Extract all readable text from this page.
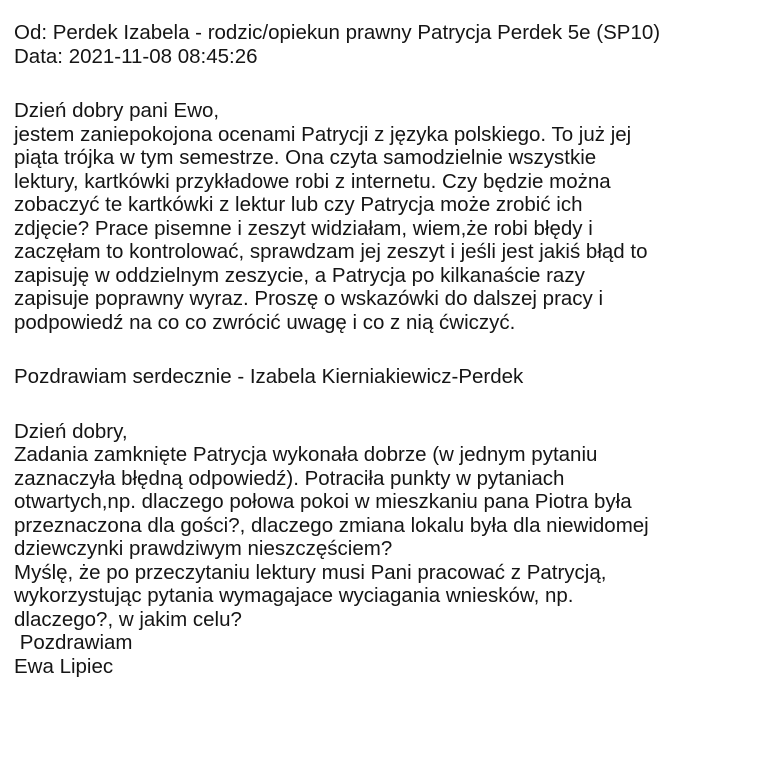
Od: Perdek Izabela - rodzic/opiekun prawny Patrycja Perdek 5e (SP10)
Data: 2021-11-08 08:45:26
Dzień dobry pani Ewo,
jestem zaniepokojona ocenami Patrycji z języka polskiego. To już jej
piąta trójka w tym semestrze. Ona czyta samodzielnie wszystkie
lektury, kartkówki przykładowe robi z internetu. Czy będzie można
zobaczyć te kartkówki z lektur lub czy Patrycja może zrobić ich
zdjęcie? Prace pisemne i zeszyt widziałam, wiem,że robi błędy i
zaczęłam to kontrolować, sprawdzam jej zeszyt i jeśli jest jakiś błąd to
zapisuję w oddzielnym zeszycie, a Patrycja po kilkanaście razy
zapisuje poprawny wyraz. Proszę o wskazówki do dalszej pracy i
podpowiedź na co co zwrócić uwagę i co z nią ćwiczyć.
Pozdrawiam serdecznie - Izabela Kierniakiewicz-Perdek
Dzień dobry,
Zadania zamknięte Patrycja wykonała dobrze (w jednym pytaniu
zaznaczyła błędną odpowiedź). Potraciła punkty w pytaniach
otwartych,np. dlaczego połowa pokoi w mieszkaniu pana Piotra była
przeznaczona dla gości?, dlaczego zmiana lokalu była dla niewidomej
dziewczynki prawdziwym nieszczęściem?
Myślę, że po przeczytaniu lektury musi Pani pracować z Patrycją,
wykorzystując pytania wymagajace wyciagania wniesków, np.
dlaczego?, w jakim celu?
Pozdrawiam
Ewa Lipiec
